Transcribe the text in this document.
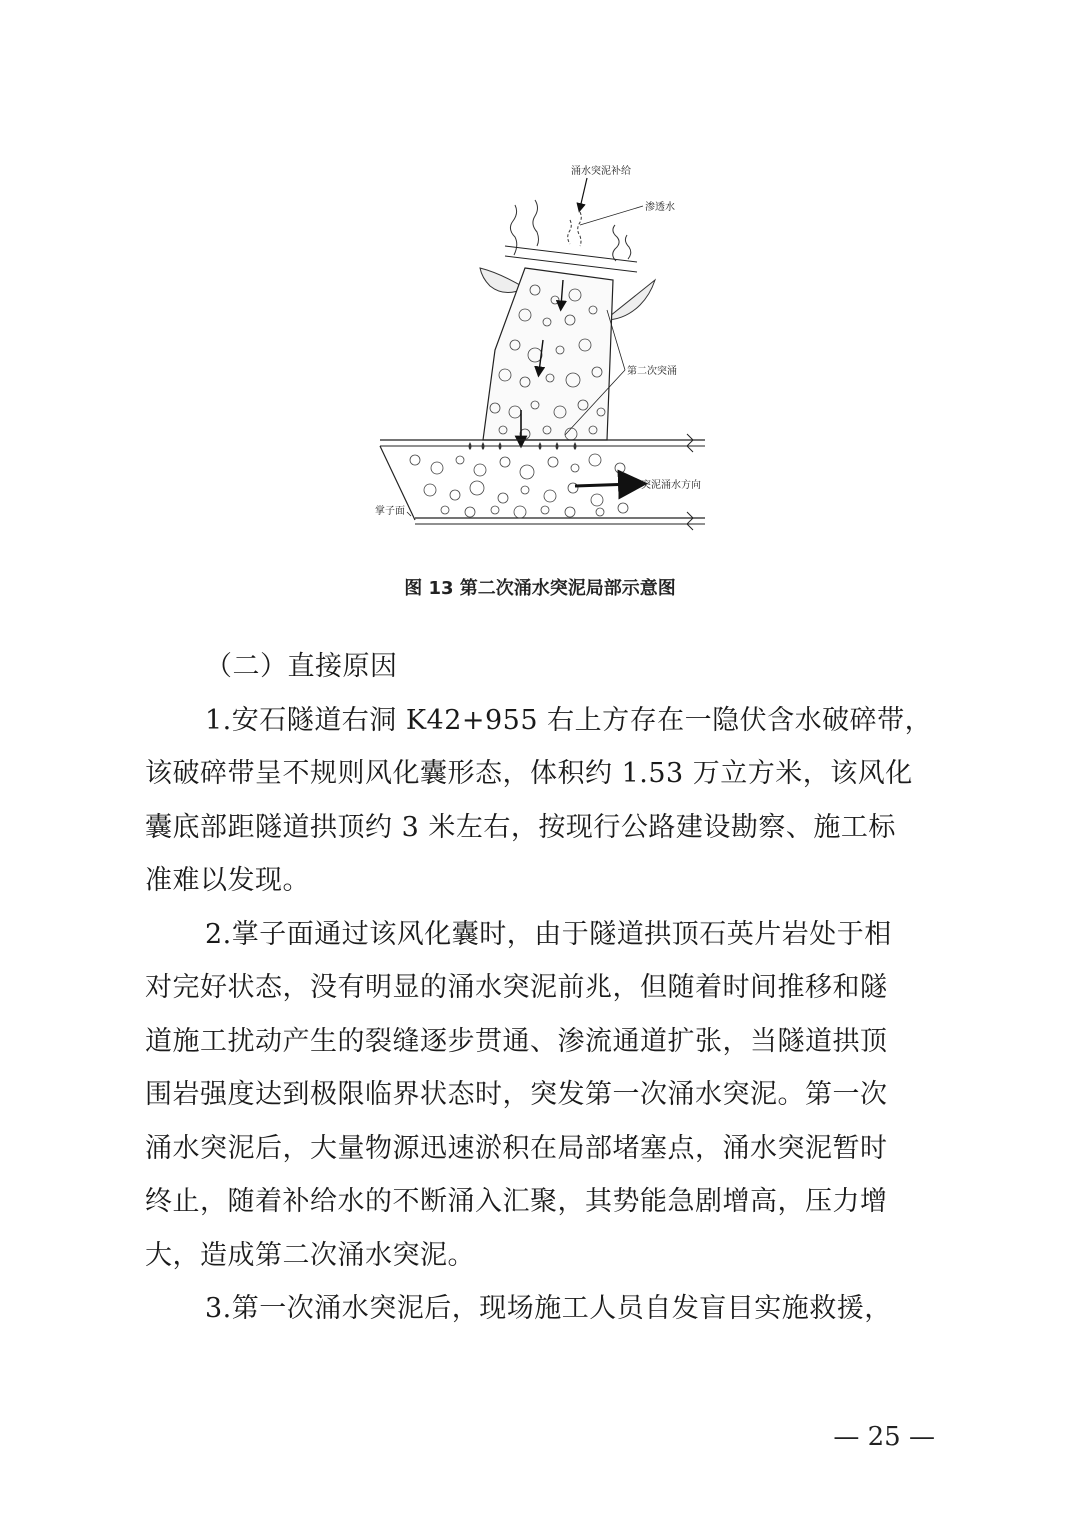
涌水突泥补给
渗透水
第二次突涌
突泥涌水方向
掌子面
图 13 第二次涌水突泥局部示意图
（二）直接原因
1.安石隧道右洞 K42+955 右上方存在一隐伏含水破碎带，
该破碎带呈不规则风化囊形态，体积约 1.53 万立方米，该风化
囊底部距隧道拱顶约 3 米左右，按现行公路建设勘察、施工标
准难以发现。
2.掌子面通过该风化囊时，由于隧道拱顶石英片岩处于相
对完好状态，没有明显的涌水突泥前兆，但随着时间推移和隧
道施工扰动产生的裂缝逐步贯通、渗流通道扩张，当隧道拱顶
围岩强度达到极限临界状态时，突发第一次涌水突泥。第一次
涌水突泥后，大量物源迅速淤积在局部堵塞点，涌水突泥暂时
终止，随着补给水的不断涌入汇聚，其势能急剧增高，压力增
大，造成第二次涌水突泥。
3.第一次涌水突泥后，现场施工人员自发盲目实施救援，
— 25 —
